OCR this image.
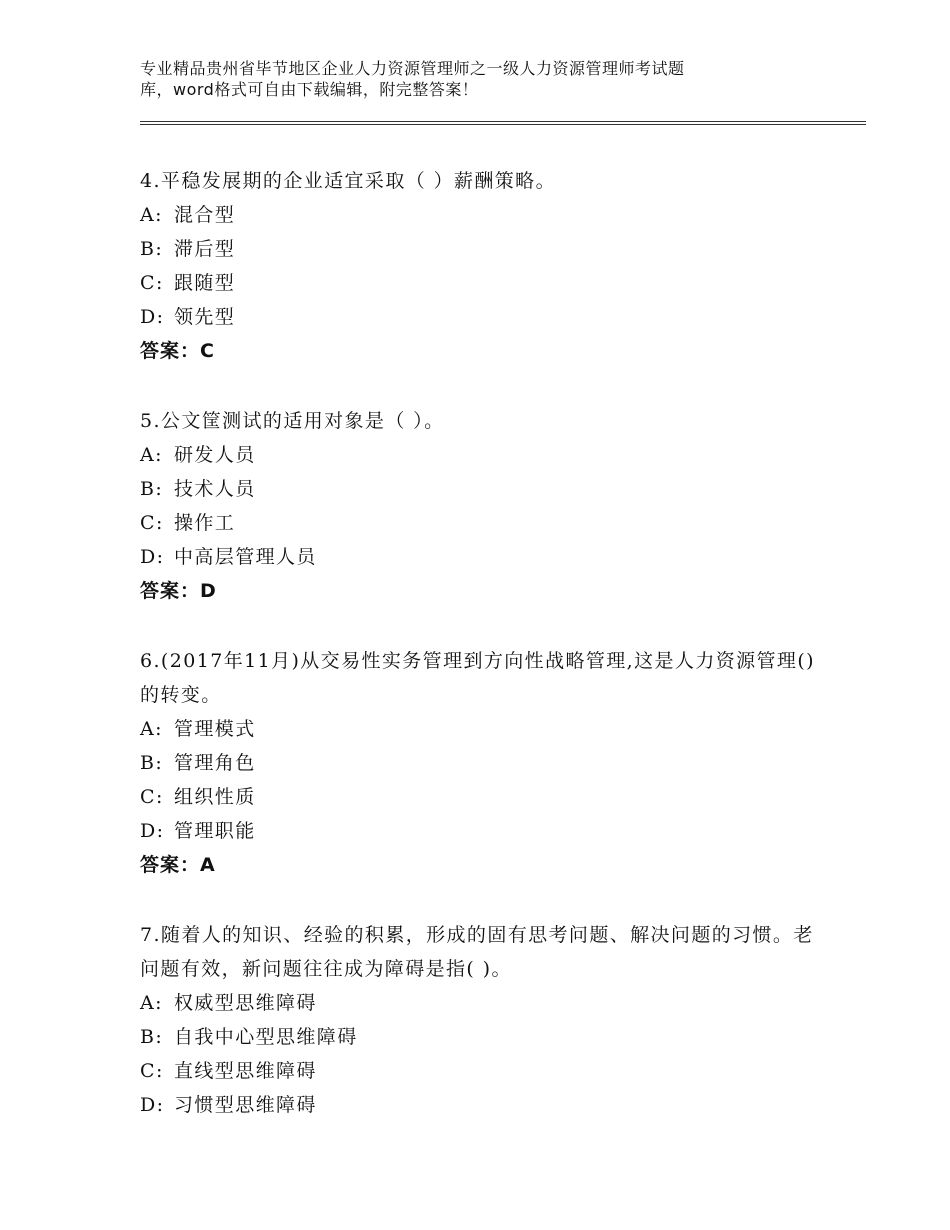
专业精品贵州省毕节地区企业人力资源管理师之一级人力资源管理师考试题
库，word格式可自由下载编辑，附完整答案！

4.平稳发展期的企业适宜采取（ ）薪酬策略。

A: 混合型
B: 滞后型
C: 跟随型
D: 领先型

答案：C

5.公文筐测试的适用对象是（ ）。

A: 研发人员
B: 技术人员
C: 操作工
D: 中高层管理人员

答案：D

6.(2017年11月)从交易性实务管理到方向性战略管理,这是人力资源管理()的转变。

A: 管理模式
B: 管理角色
C: 组织性质
D: 管理职能

答案：A

7.随着人的知识、经验的积累，形成的固有思考问题、解决问题的习惯。老问题有效，新问题往往成为障碍是指( )。

A: 权威型思维障碍
B: 自我中心型思维障碍
C: 直线型思维障碍
D: 习惯型思维障碍
